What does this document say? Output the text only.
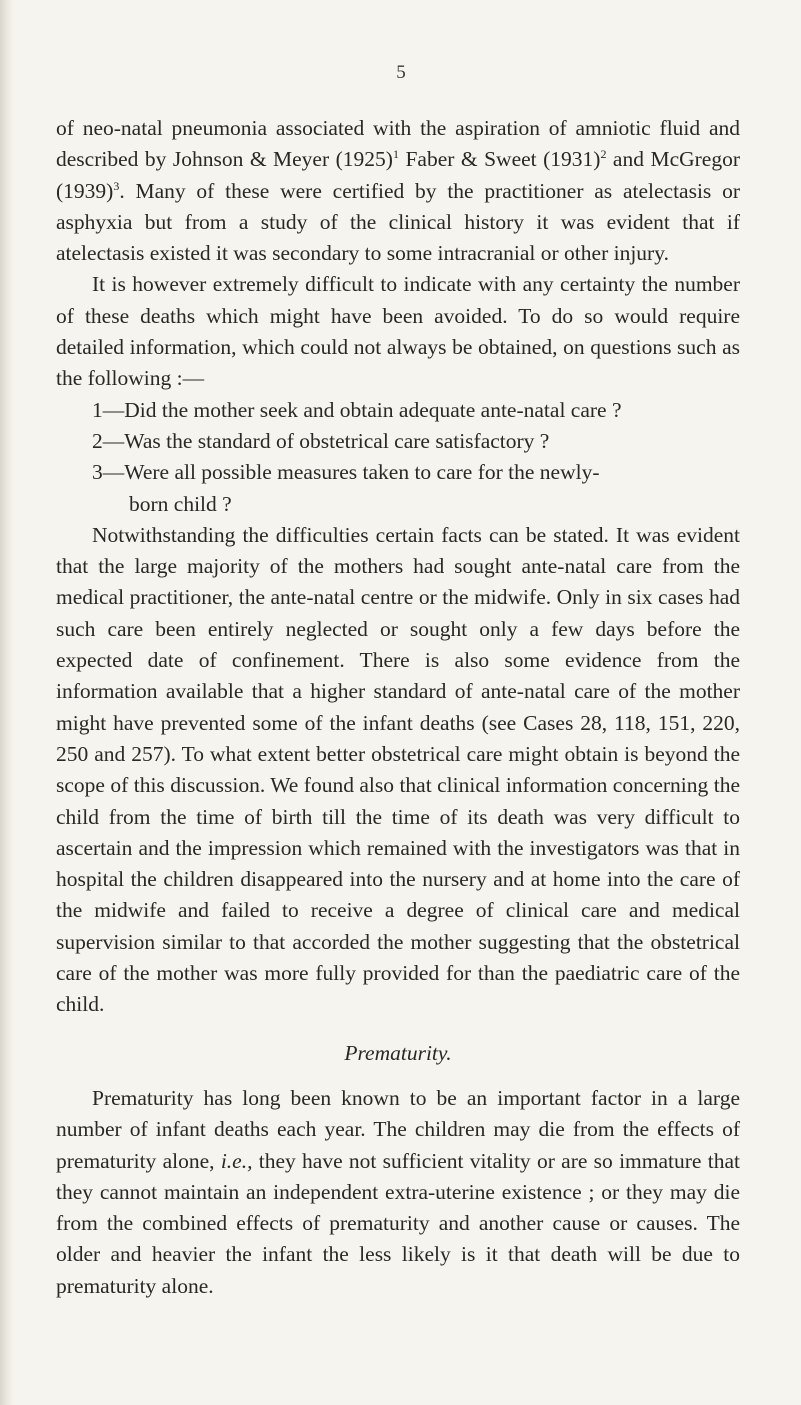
5

of neo-natal pneumonia associated with the aspiration of amniotic fluid and described by Johnson & Meyer $(1925)^1$ Faber & Sweet $(1931)^2$ and McGregor $(1939)^3$. Many of these were certified by the practitioner as atelectasis or asphyxia but from a study of the clinical history it was evident that if atelectasis existed it was secondary to some intracranial or other injury.

It is however extremely difficult to indicate with any certainty the number of these deaths which might have been avoided. To do so would require detailed information, which could not always be obtained, on questions such as the following :—

1—Did the mother seek and obtain adequate ante-natal care ?

2—Was the standard of obstetrical care satisfactory ?

3—Were all possible measures taken to care for the newly-
born child ?

Notwithstanding the difficulties certain facts can be stated. It was evident that the large majority of the mothers had sought ante-natal care from the medical practitioner, the ante-natal centre or the midwife. Only in six cases had such care been entirely neglected or sought only a few days before the expected date of confinement. There is also some evidence from the information available that a higher standard of ante-natal care of the mother might have prevented some of the infant deaths (see Cases 28, 118, 151, 220, 250 and 257). To what extent better obstetrical care might obtain is beyond the scope of this discussion. We found also that clinical information concerning the child from the time of birth till the time of its death was very difficult to ascertain and the impression which remained with the investigators was that in hospital the children disappeared into the nursery and at home into the care of the midwife and failed to receive a degree of clinical care and medical supervision similar to that accorded the mother suggesting that the obstetrical care of the mother was more fully provided for than the paediatric care of the child.

Prematurity.

Prematurity has long been known to be an important factor in a large number of infant deaths each year. The children may die from the effects of prematurity alone, i.e., they have not sufficient vitality or are so immature that they cannot maintain an independent extra-uterine existence ; or they may die from the combined effects of prematurity and another cause or causes. The older and heavier the infant the less likely is it that death will be due to prematurity alone.
